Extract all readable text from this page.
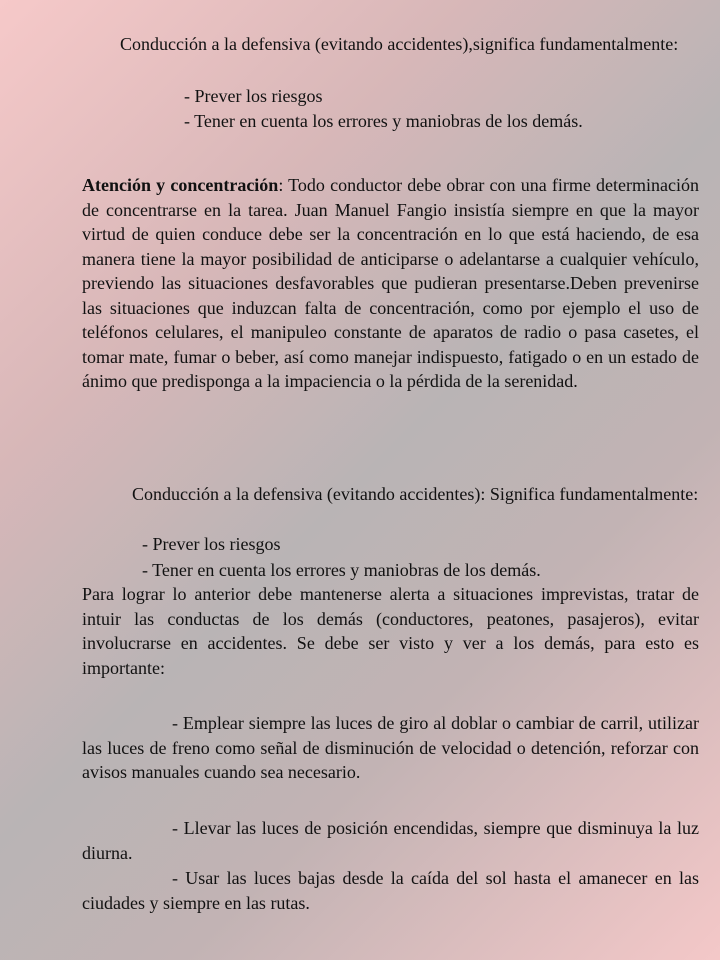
Conducción a la defensiva (evitando accidentes),significa fundamentalmente:

- Prever los riesgos
- Tener en cuenta los errores y maniobras de los demás.

Atención y concentración: Todo conductor debe obrar con una firme determinación de concentrarse en la tarea. Juan Manuel Fangio insistía siempre en que la mayor virtud de quien conduce debe ser la concentración en lo que está haciendo, de esa manera tiene la mayor posibilidad de anticiparse o adelantarse a cualquier vehículo, previendo las situaciones desfavorables que pudieran presentarse.Deben prevenirse las situaciones que induzcan falta de concentración, como por ejemplo el uso de teléfonos celulares, el manipuleo constante de aparatos de radio o pasa casetes, el tomar mate, fumar o beber, así como manejar indispuesto, fatigado o en un estado de ánimo que predisponga a la impaciencia o la pérdida de la serenidad.

Conducción a la defensiva (evitando accidentes): Significa fundamentalmente:

- Prever los riesgos
- Tener en cuenta los errores y maniobras de los demás.

Para lograr lo anterior debe mantenerse alerta a situaciones imprevistas, tratar de intuir las conductas de los demás (conductores, peatones, pasajeros), evitar involucrarse en accidentes. Se debe ser visto y ver a los demás, para esto es importante:

- Emplear siempre las luces de giro al doblar o cambiar de carril, utilizar las luces de freno como señal de disminución de velocidad o detención, reforzar con avisos manuales cuando sea necesario.

- Llevar las luces de posición encendidas, siempre que disminuya la luz diurna.

- Usar las luces bajas desde la caída del sol hasta el amanecer en las ciudades y siempre en las rutas.
